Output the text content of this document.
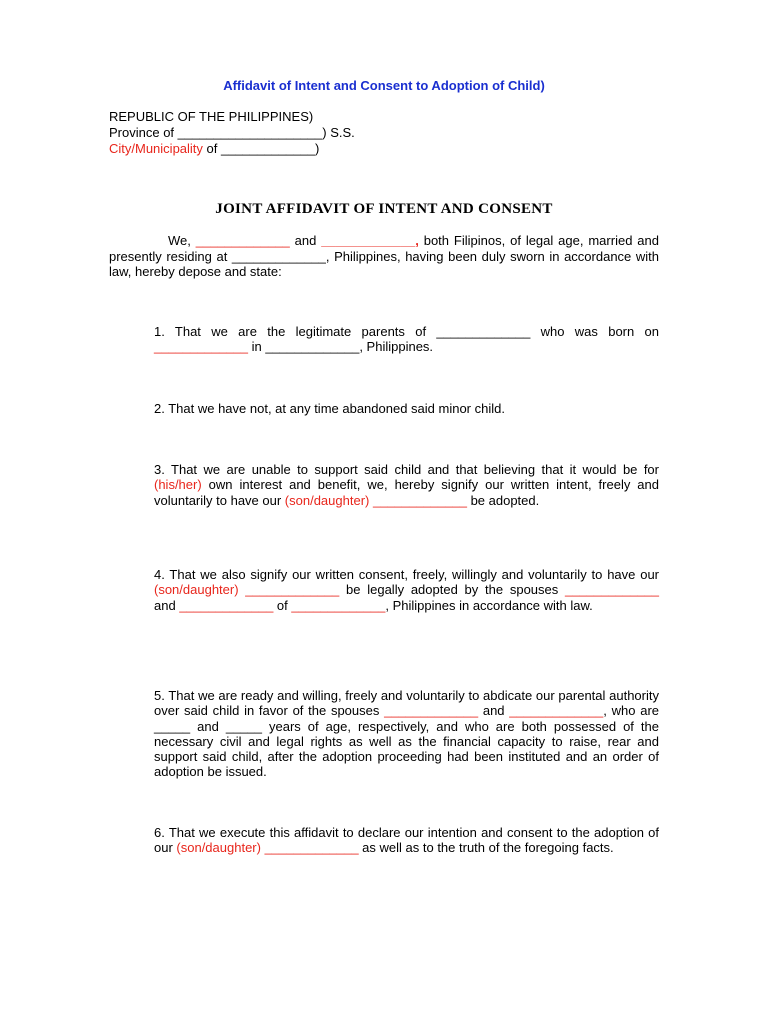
Affidavit of Intent and Consent to Adoption of Child)
REPUBLIC OF THE PHILIPPINES)
Province of ____________________) S.S.
City/Municipality of _____________)
JOINT AFFIDAVIT OF INTENT AND CONSENT
We, _____________ and _____________, both Filipinos, of legal age, married and presently residing at _____________, Philippines, having been duly sworn in accordance with law, hereby depose and state:
1. That we are the legitimate parents of _____________ who was born on _____________ in _____________, Philippines.
2. That we have not, at any time abandoned said minor child.
3. That we are unable to support said child and that believing that it would be for (his/her) own interest and benefit, we, hereby signify our written intent, freely and voluntarily to have our (son/daughter) _____________ be adopted.
4. That we also signify our written consent, freely, willingly and voluntarily to have our (son/daughter) _____________ be legally adopted by the spouses _____________ and _____________ of _____________, Philippines in accordance with law.
5. That we are ready and willing, freely and voluntarily to abdicate our parental authority over said child in favor of the spouses _____________ and _____________, who are _____ and _____ years of age, respectively, and who are both possessed of the necessary civil and legal rights as well as the financial capacity to raise, rear and support said child, after the adoption proceeding had been instituted and an order of adoption be issued.
6. That we execute this affidavit to declare our intention and consent to the adoption of our (son/daughter) _____________ as well as to the truth of the foregoing facts.
